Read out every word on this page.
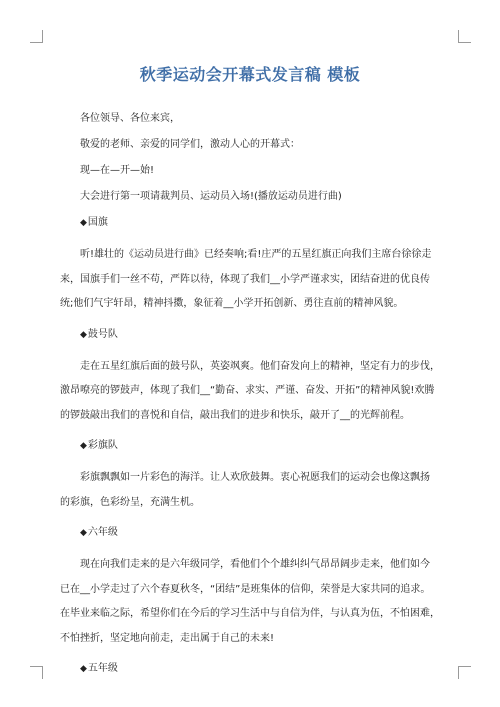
秋季运动会开幕式发言稿 模板

各位领导、各位来宾，

敬爱的老师、亲爱的同学们，激动人心的开幕式：

现—在—开—始!

大会进行第一项请裁判员、运动员入场!(播放运动员进行曲)

◆国旗

听!雄壮的《运动员进行曲》已经奏响;看!庄严的五星红旗正向我们主席台徐徐走
来，国旗手们一丝不苟，严阵以待，体现了我们__小学严谨求实，团结奋进的优良传
统;他们气宇轩昂，精神抖擞，象征着__小学开拓创新、勇往直前的精神风貌。

◆鼓号队

走在五星红旗后面的鼓号队，英姿飒爽。他们奋发向上的精神，坚定有力的步伐，
激昂嘹亮的锣鼓声，体现了我们__“勤奋、求实、严谨、奋发、开拓”的精神风貌!欢腾
的锣鼓敲出我们的喜悦和自信，敲出我们的进步和快乐，敲开了__的光辉前程。

◆彩旗队

彩旗飘飘如一片彩色的海洋。让人欢欣鼓舞。衷心祝愿我们的运动会也像这飘扬
的彩旗，色彩纷呈，充满生机。

◆六年级

现在向我们走来的是六年级同学，看他们个个雄纠纠气昂昂阔步走来，他们如今
已在__小学走过了六个春夏秋冬，“团结”是班集体的信仰，荣誉是大家共同的追求。
在毕业来临之际，希望你们在今后的学习生活中与自信为伴，与认真为伍，不怕困难，
不怕挫折，坚定地向前走，走出属于自己的未来!

◆五年级
